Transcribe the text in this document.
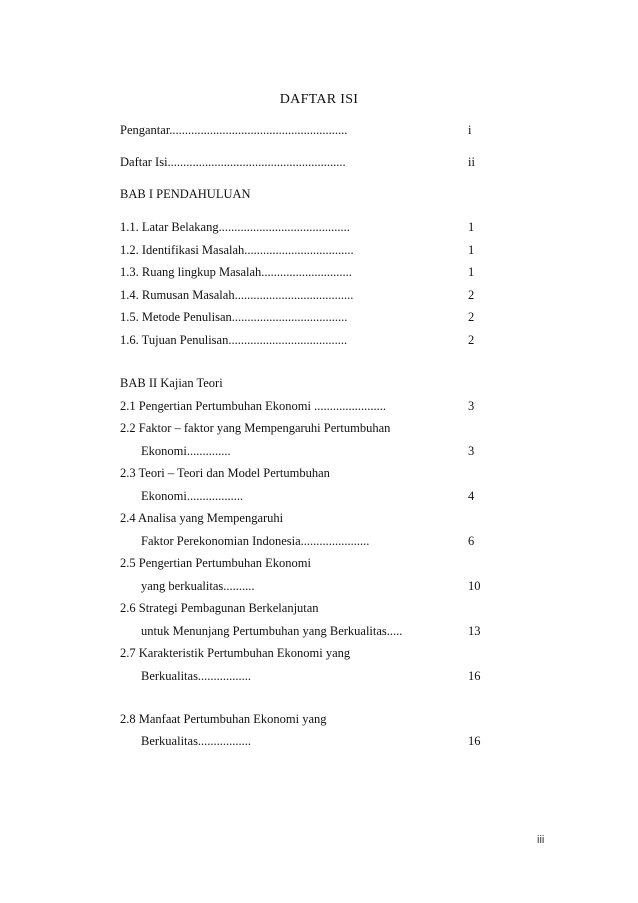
DAFTAR ISI
Pengantar.........................................................	i
Daftar Isi.........................................................	ii
BAB I PENDAHULUAN
1.1. Latar Belakang..........................................	1
1.2. Identifikasi Masalah...................................	1
1.3. Ruang lingkup Masalah.............................	1
1.4. Rumusan Masalah......................................	2
1.5. Metode Penulisan.....................................	2
1.6. Tujuan Penulisan......................................	2
BAB II Kajian Teori
2.1 Pengertian Pertumbuhan Ekonomi .......................	3
2.2 Faktor – faktor yang Mempengaruhi Pertumbuhan
Ekonomi..............	3
2.3 Teori – Teori dan Model Pertumbuhan
Ekonomi..................	4
2.4 Analisa yang Mempengaruhi
Faktor Perekonomian Indonesia......................	6
2.5 Pengertian Pertumbuhan Ekonomi
yang berkualitas..........	10
2.6 Strategi Pembagunan Berkelanjutan
untuk Menunjang Pertumbuhan yang Berkualitas.....	13
2.7 Karakteristik Pertumbuhan Ekonomi yang
Berkualitas.................	16
2.8 Manfaat Pertumbuhan Ekonomi yang
Berkualitas.................	16
iii
